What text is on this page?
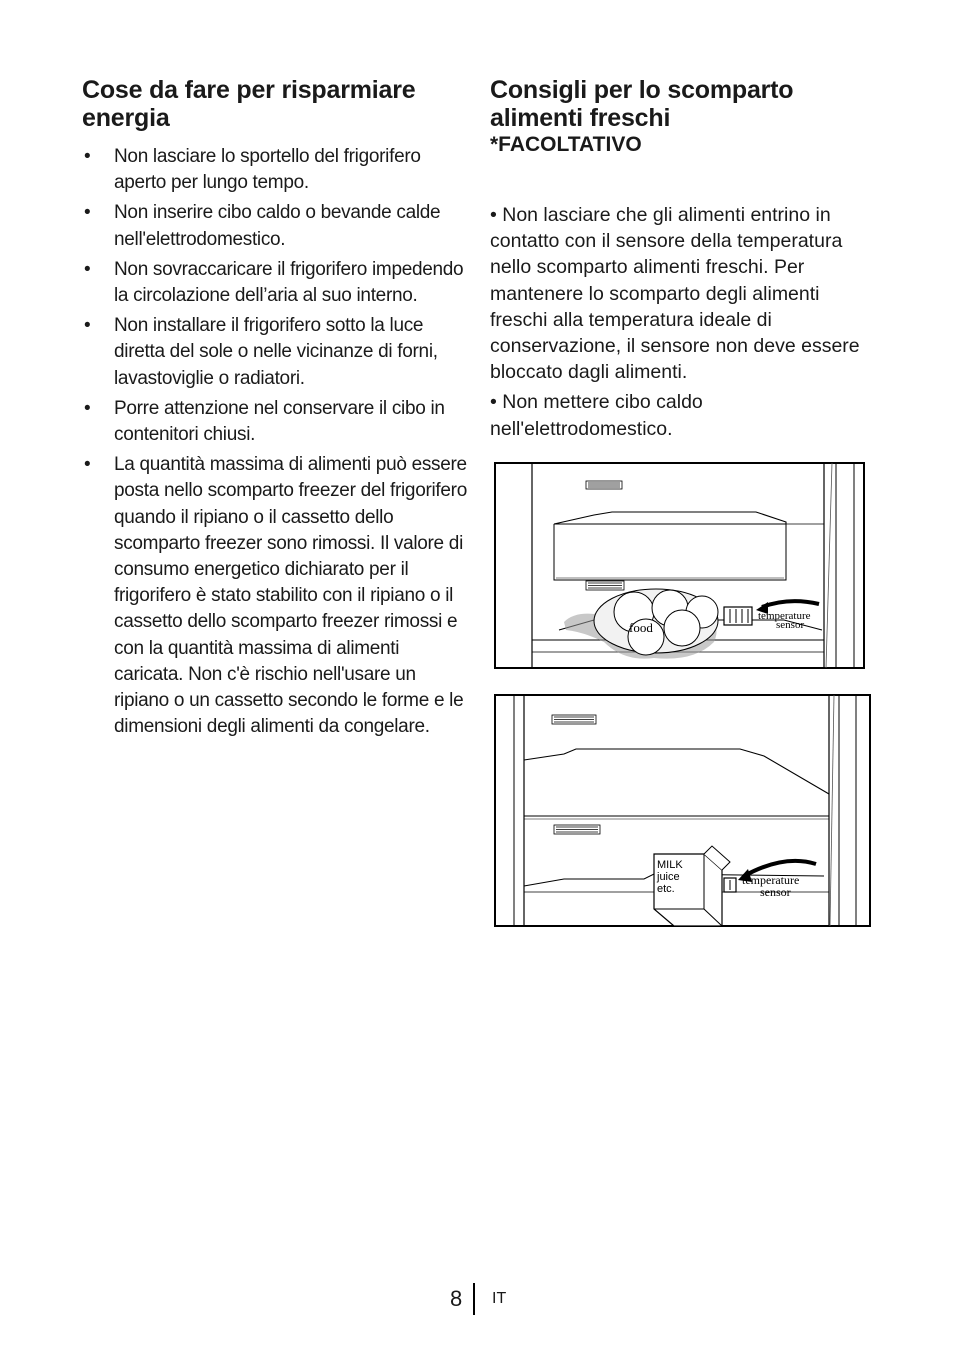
Cose da fare per risparmiare energia
• Non lasciare lo sportello del frigorifero aperto per lungo tempo.
• Non inserire cibo caldo o bevande calde nell'elettrodomestico.
• Non sovraccaricare il frigorifero impedendo la circolazione dell’aria al suo interno.
• Non installare il frigorifero sotto la luce diretta del sole o nelle vicinanze di forni, lavastoviglie o radiatori.
• Porre attenzione nel conservare il cibo in contenitori chiusi.
• La quantità massima di alimenti può essere posta nello scomparto freezer del frigorifero quando il ripiano o il cassetto dello scomparto freezer sono rimossi. Il valore di consumo energetico dichiarato per il frigorifero è stato stabilito con il ripiano o il cassetto dello scomparto freezer rimossi e con la quantità massima di alimenti caricata. Non c'è rischio nell'usare un ripiano o un cassetto secondo le forme e le dimensioni degli alimenti da congelare.
Consigli per lo scomparto alimenti freschi
*FACOLTATIVO

• Non lasciare che gli alimenti entrino in contatto con il sensore della temperatura nello scomparto alimenti freschi. Per mantenere lo scomparto degli alimenti freschi alla temperatura ideale di conservazione, il sensore non deve essere bloccato dagli alimenti.

• Non mettere cibo caldo nell'elettrodomestico.

food
temperature
sensor
MILK
juice
etc.
temperature
sensor
8 IT
